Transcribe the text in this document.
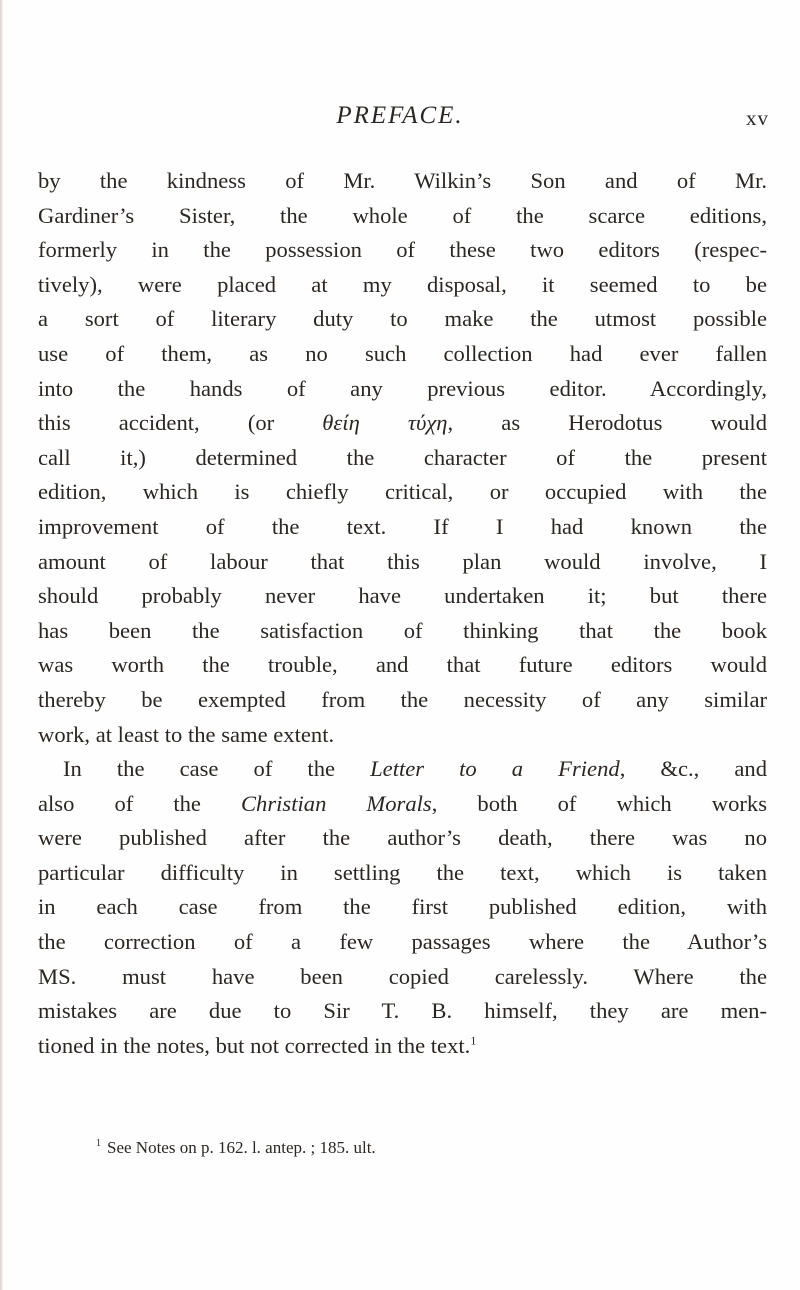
PREFACE.	xv
by the kindness of Mr. Wilkin’s Son and of Mr.
Gardiner’s Sister, the whole of the scarce editions,
formerly in the possession of these two editors (respec-
tively), were placed at my disposal, it seemed to be
a sort of literary duty to make the utmost possible
use of them, as no such collection had ever fallen
into the hands of any previous editor. Accordingly,
this accident, (or θείη τύχη, as Herodotus would
call it,) determined the character of the present
edition, which is chiefly critical, or occupied with the
improvement of the text. If I had known the
amount of labour that this plan would involve, I
should probably never have undertaken it; but there
has been the satisfaction of thinking that the book
was worth the trouble, and that future editors would
thereby be exempted from the necessity of any similar
work, at least to the same extent.
In the case of the Letter to a Friend, &c., and
also of the Christian Morals, both of which works
were published after the author’s death, there was no
particular difficulty in settling the text, which is taken
in each case from the first published edition, with
the correction of a few passages where the Author’s
MS. must have been copied carelessly. Where the
mistakes are due to Sir T. B. himself, they are men-
tioned in the notes, but not corrected in the text.$^1$
$^1$ See Notes on p. 162. l. antep. ; 185. ult.
